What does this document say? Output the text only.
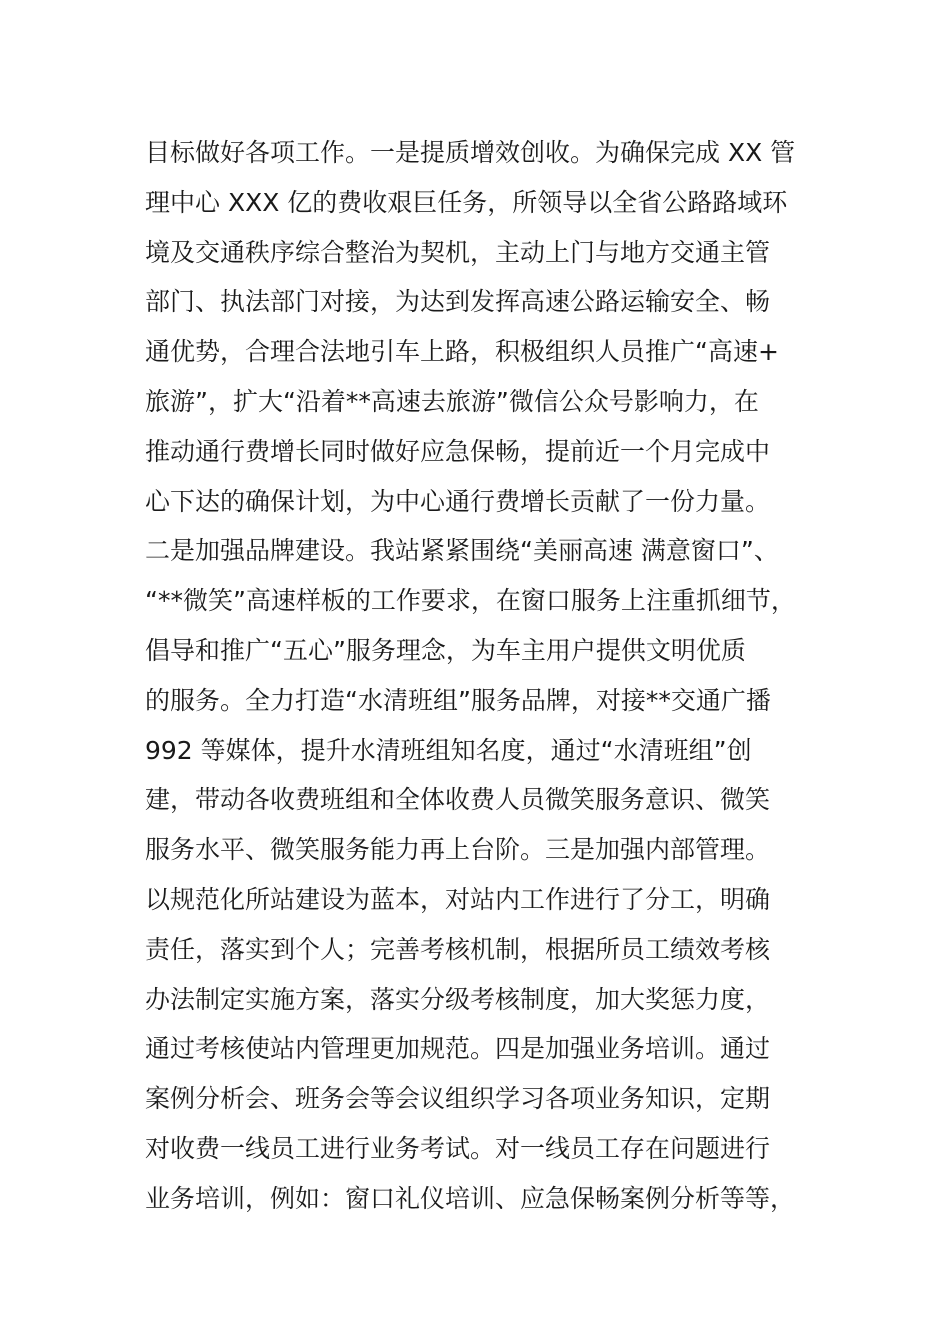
目标做好各项工作。一是提质增效创收。为确保完成 XX 管
理中心 XXX 亿的费收艰巨任务，所领导以全省公路路域环
境及交通秩序综合整治为契机，主动上门与地方交通主管
部门、执法部门对接，为达到发挥高速公路运输安全、畅
通优势，合理合法地引车上路，积极组织人员推广“高速+
旅游”，扩大“沿着**高速去旅游”微信公众号影响力，在
推动通行费增长同时做好应急保畅，提前近一个月完成中
心下达的确保计划，为中心通行费增长贡献了一份力量。
二是加强品牌建设。我站紧紧围绕“美丽高速 满意窗口”、
“**微笑”高速样板的工作要求，在窗口服务上注重抓细节，
倡导和推广“五心”服务理念，为车主用户提供文明优质
的服务。全力打造“水清班组”服务品牌，对接**交通广播
992 等媒体，提升水清班组知名度，通过“水清班组”创
建，带动各收费班组和全体收费人员微笑服务意识、微笑
服务水平、微笑服务能力再上台阶。三是加强内部管理。
以规范化所站建设为蓝本，对站内工作进行了分工，明确
责任，落实到个人；完善考核机制，根据所员工绩效考核
办法制定实施方案，落实分级考核制度，加大奖惩力度，
通过考核使站内管理更加规范。四是加强业务培训。通过
案例分析会、班务会等会议组织学习各项业务知识，定期
对收费一线员工进行业务考试。对一线员工存在问题进行
业务培训，例如：窗口礼仪培训、应急保畅案例分析等等，
